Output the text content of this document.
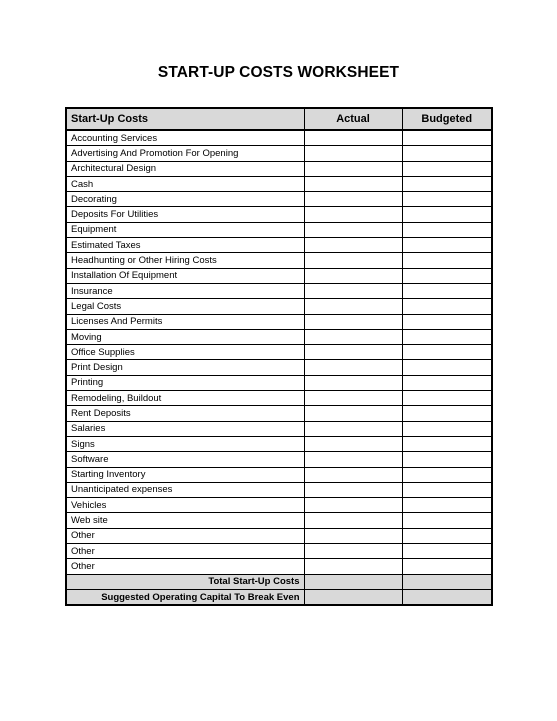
START-UP COSTS WORKSHEET
Start-Up Costs	Actual	Budgeted
Accounting Services		
Advertising And Promotion For Opening		
Architectural Design		
Cash		
Decorating		
Deposits For Utilities		
Equipment		
Estimated Taxes		
Headhunting or Other Hiring Costs		
Installation Of Equipment		
Insurance		
Legal Costs		
Licenses And Permits		
Moving		
Office Supplies		
Print Design		
Printing		
Remodeling, Buildout		
Rent Deposits		
Salaries		
Signs		
Software		
Starting Inventory		
Unanticipated expenses		
Vehicles		
Web site		
Other		
Other		
Other		
Total Start-Up Costs		
Suggested Operating Capital To Break Even		
